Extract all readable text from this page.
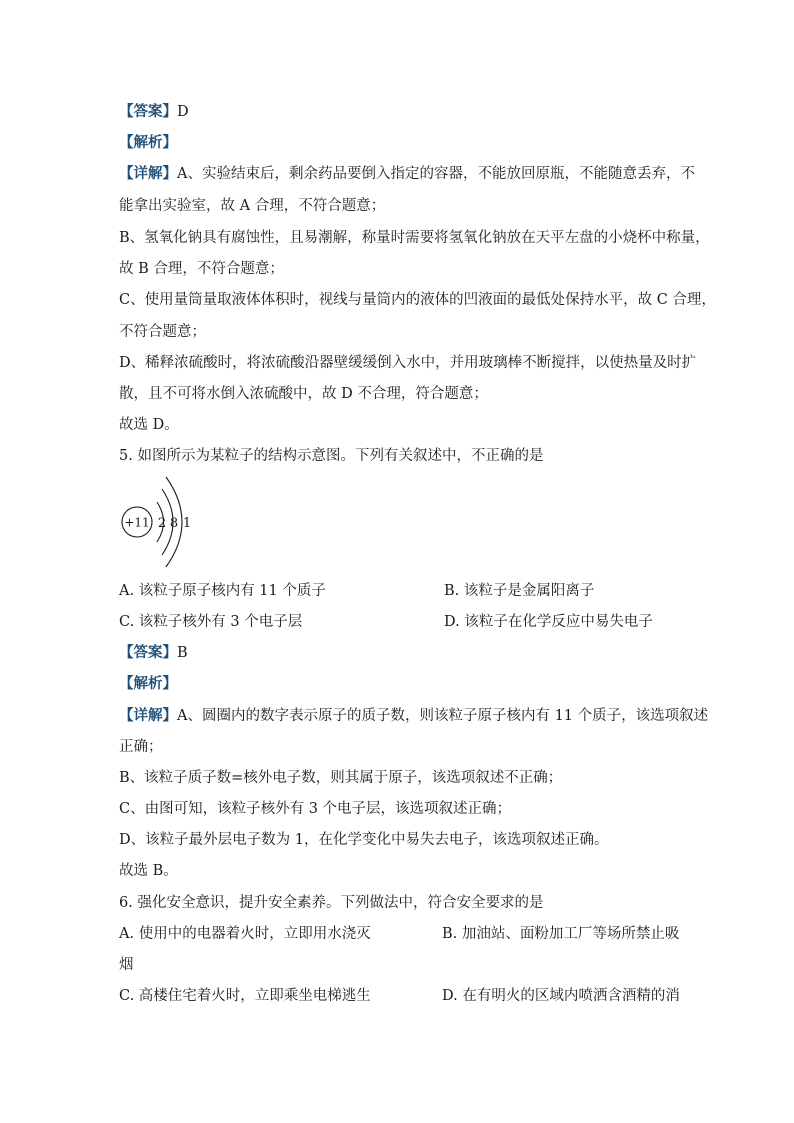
【答案】D
【解析】
【详解】A、实验结束后，剩余药品要倒入指定的容器，不能放回原瓶，不能随意丢弃，不
能拿出实验室，故 A 合理，不符合题意；
B、氢氧化钠具有腐蚀性，且易潮解，称量时需要将氢氧化钠放在天平左盘的小烧杯中称量，
故 B 合理，不符合题意；
C、使用量筒量取液体体积时，视线与量筒内的液体的凹液面的最低处保持水平，故 C 合理，
不符合题意；
D、稀释浓硫酸时，将浓硫酸沿器壁缓缓倒入水中，并用玻璃棒不断搅拌，以使热量及时扩
散，且不可将水倒入浓硫酸中，故 D 不合理，符合题意；
故选 D。
5. 如图所示为某粒子的结构示意图。下列有关叙述中，不正确的是
+11 2 8 1
A. 该粒子原子核内有 11 个质子	B. 该粒子是金属阳离子
C. 该粒子核外有 3 个电子层	D. 该粒子在化学反应中易失电子
【答案】B
【解析】
【详解】A、圆圈内的数字表示原子的质子数，则该粒子原子核内有 11 个质子，该选项叙述
正确；
B、该粒子质子数=核外电子数，则其属于原子，该选项叙述不正确；
C、由图可知，该粒子核外有 3 个电子层，该选项叙述正确；
D、该粒子最外层电子数为 1，在化学变化中易失去电子，该选项叙述正确。
故选 B。
6. 强化安全意识，提升安全素养。下列做法中，符合安全要求的是
A. 使用中的电器着火时，立即用水浇灭	B. 加油站、面粉加工厂等场所禁止吸
烟
C. 高楼住宅着火时，立即乘坐电梯逃生	D. 在有明火的区域内喷洒含酒精的消
